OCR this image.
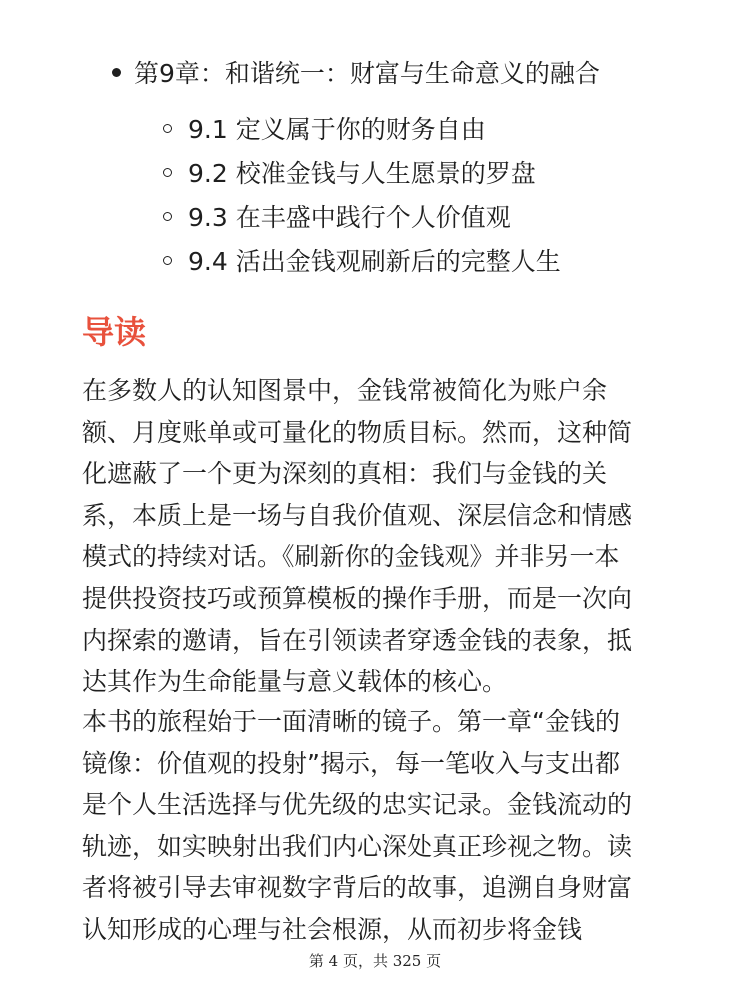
第9章：和谐统一：财富与生命意义的融合
9.1 定义属于你的财务自由
9.2 校准金钱与人生愿景的罗盘
9.3 在丰盛中践行个人价值观
9.4 活出金钱观刷新后的完整人生
导读

在多数人的认知图景中，金钱常被简化为账户余
额、月度账单或可量化的物质目标。然而，这种简
化遮蔽了一个更为深刻的真相：我们与金钱的关
系，本质上是一场与自我价值观、深层信念和情感
模式的持续对话。《刷新你的金钱观》并非另一本
提供投资技巧或预算模板的操作手册，而是一次向
内探索的邀请，旨在引领读者穿透金钱的表象，抵
达其作为生命能量与意义载体的核心。

本书的旅程始于一面清晰的镜子。第一章“金钱的
镜像：价值观的投射”揭示，每一笔收入与支出都
是个人生活选择与优先级的忠实记录。金钱流动的
轨迹，如实映射出我们内心深处真正珍视之物。读
者将被引导去审视数字背后的故事，追溯自身财富
认知形成的心理与社会根源，从而初步将金钱

第 4 页，共 325 页
